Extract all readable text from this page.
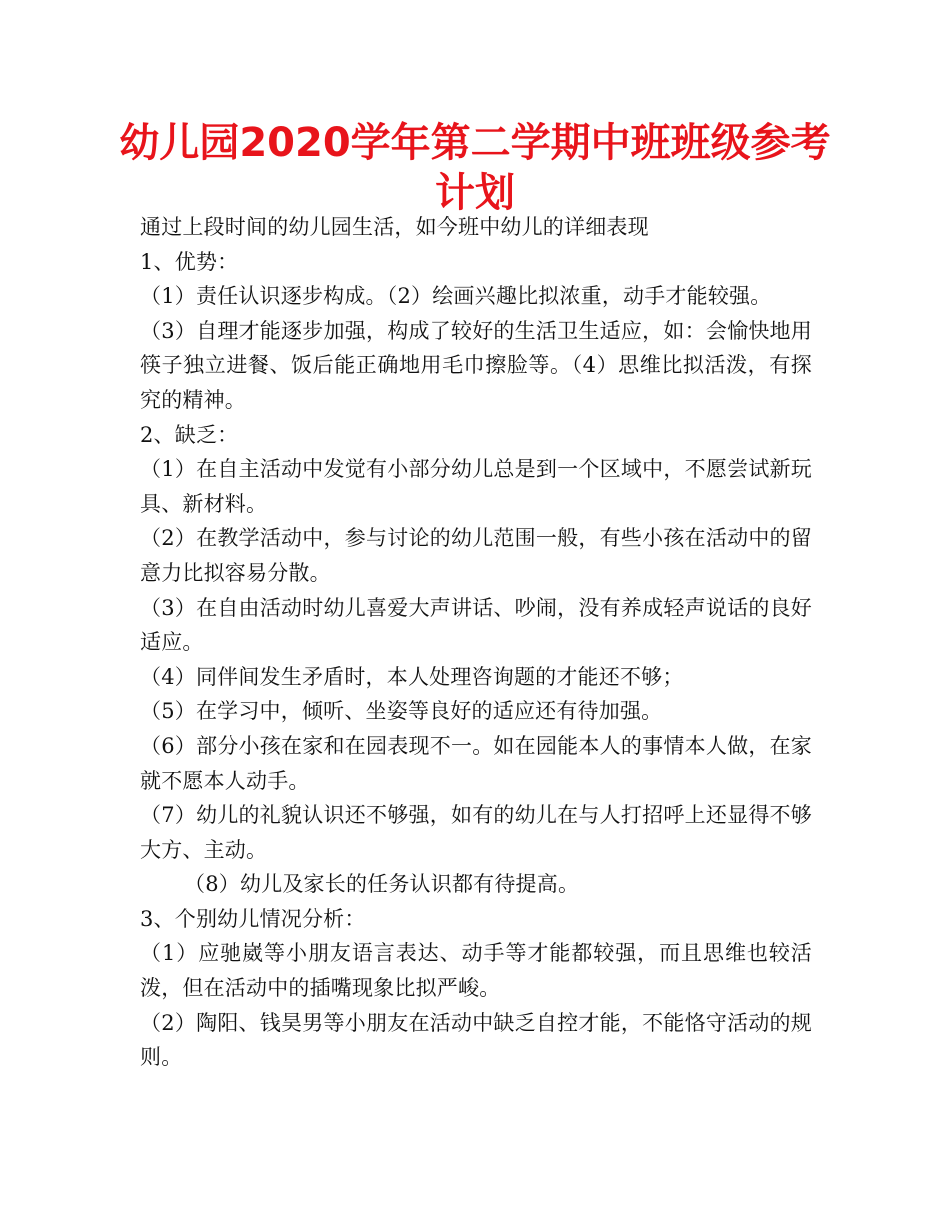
幼儿园2020学年第二学期中班班级参考计划

通过上段时间的幼儿园生活，如今班中幼儿的详细表现

1、优势：

（1）责任认识逐步构成。（2）绘画兴趣比拟浓重，动手才能较强。

（3）自理才能逐步加强，构成了较好的生活卫生适应，如：会愉快地用筷子独立进餐、饭后能正确地用毛巾擦脸等。（4）思维比拟活泼，有探究的精神。

2、缺乏：

（1）在自主活动中发觉有小部分幼儿总是到一个区域中，不愿尝试新玩具、新材料。

（2）在教学活动中，参与讨论的幼儿范围一般，有些小孩在活动中的留意力比拟容易分散。

（3）在自由活动时幼儿喜爱大声讲话、吵闹，没有养成轻声说话的良好适应。

（4）同伴间发生矛盾时，本人处理咨询题的才能还不够；

（5）在学习中，倾听、坐姿等良好的适应还有待加强。

（6）部分小孩在家和在园表现不一。如在园能本人的事情本人做，在家就不愿本人动手。

（7）幼儿的礼貌认识还不够强，如有的幼儿在与人打招呼上还显得不够大方、主动。

（8）幼儿及家长的任务认识都有待提高。

3、个别幼儿情况分析：

（1）应驰崴等小朋友语言表达、动手等才能都较强，而且思维也较活泼，但在活动中的插嘴现象比拟严峻。

（2）陶阳、钱昊男等小朋友在活动中缺乏自控才能，不能恪守活动的规则。
